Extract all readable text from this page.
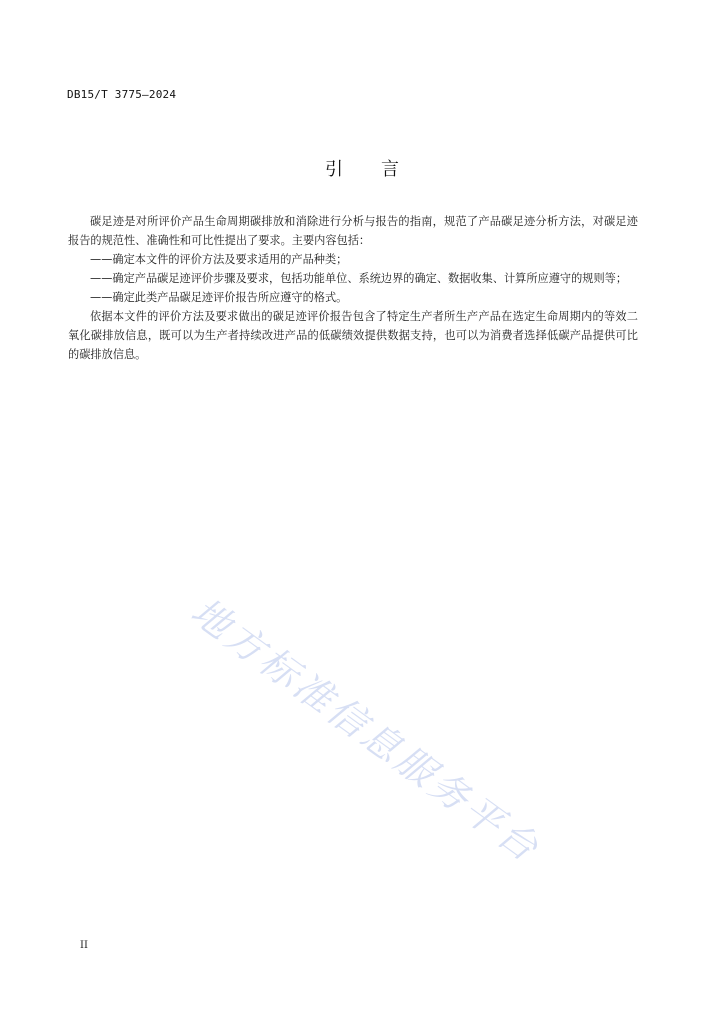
DB15/T 3775—2024
引言

碳足迹是对所评价产品生命周期碳排放和消除进行分析与报告的指南，规范了产品碳足迹分析方法，对碳足迹报告的规范性、准确性和可比性提出了要求。主要内容包括：

——确定本文件的评价方法及要求适用的产品种类；

——确定产品碳足迹评价步骤及要求，包括功能单位、系统边界的确定、数据收集、计算所应遵守的规则等；

——确定此类产品碳足迹评价报告所应遵守的格式。

依据本文件的评价方法及要求做出的碳足迹评价报告包含了特定生产者所生产产品在选定生命周期内的等效二氧化碳排放信息，既可以为生产者持续改进产品的低碳绩效提供数据支持，也可以为消费者选择低碳产品提供可比的碳排放信息。

地方标准信息服务平台
II
